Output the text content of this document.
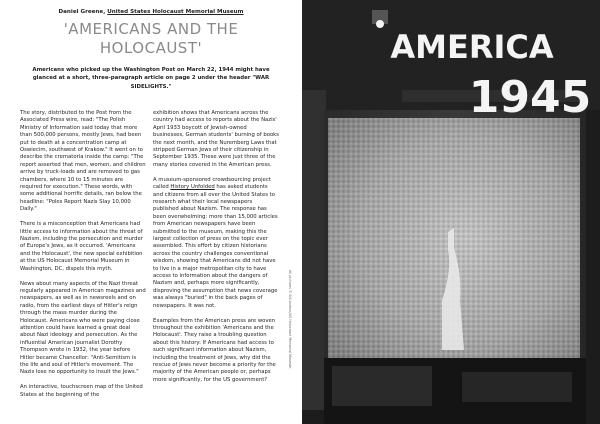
Daniel Greene, United States Holocaust Memorial Museum
'AMERICANS AND THE
HOLOCAUST'
Americans who picked up the Washington Post on March 22, 1944 might have glanced at a short, three-paragraph article on page 2 under the header "WAR SIDELIGHTS."

The story, distributed to the Post from the Associated Press wire, read: "The Polish Ministry of Information said today that more than 500,000 persons, mostly Jews, had been put to death at a concentration camp at Oswiecim, southwest of Krakow." It went on to describe the crematoria inside the camp: "The report asserted that men, women, and children arrive by truck-loads and are removed to gas chambers, where 10 to 15 minutes are required for execution." These words, with some additional horrific details, ran below the headline: "Poles Report Nazis Slay 10,000 Daily."

There is a misconception that Americans had little access to information about the threat of Nazism, including the persecution and murder of Europe's Jews, as it occurred. 'Americans and the Holocaust', the new special exhibition at the US Holocaust Memorial Museum in Washington, DC, dispels this myth.

News about many aspects of the Nazi threat regularly appeared in American magazines and newspapers, as well as in newsreels and on radio, from the earliest days of Hitler's reign through the mass murder during the Holocaust. Americans who were paying close attention could have learned a great deal about Nazi ideology and persecution. As the influential American journalist Dorothy Thompson wrote in 1932, the year before Hitler became Chancellor: "Anti-Semitism is the life and soul of Hitler's movement. The Nazis lose no opportunity to insult the Jews."

An interactive, touchscreen map of the United States at the beginning of the

exhibition shows that Americans across the country had access to reports about the Nazis' April 1933 boycott of Jewish-owned businesses, German students' burning of books the next month, and the Nuremberg Laws that stripped German Jews of their citizenship in September 1935. These were just three of the many stories covered in the American press.

A museum-sponsored crowdsourcing project called History Unfolded has asked students and citizens from all over the United States to research what their local newspapers published about Nazism. The response has been overwhelming: more than 15,000 articles from American newspapers have been submitted to the museum, making this the largest collection of press on the topic ever assembled. This effort by citizen historians across the country challenges conventional wisdom, showing that Americans did not have to live in a major metropolitan city to have access to information about the dangers of Nazism and, perhaps more significantly, disproving the assumption that news coverage was always "buried" in the back pages of newspapers. It was not.

Examples from the American press are woven throughout the exhibition 'Americans and the Holocaust'. They raise a troubling question about this history: If Americans had access to such significant information about Nazism, including the treatment of Jews, why did the rescue of Jews never become a priority for the majority of the American people or, perhaps more significantly, for the US government?

All pictures © Bill Ashton/US Holocaust Memorial Museum
AMERICA
1945
